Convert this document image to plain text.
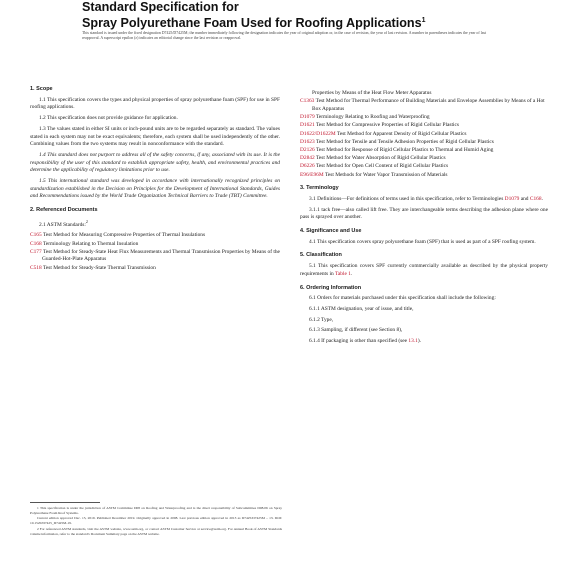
Standard Specification for
Spray Polyurethane Foam Used for Roofing Applications$^1$
This standard is issued under the fixed designation D7425/D7425M; the number immediately following the designation indicates the year of original adoption or, in the case of revision, the year of last revision. A number in parentheses indicates the year of last reapproval. A superscript epsilon (ε) indicates an editorial change since the last revision or reapproval.
1. Scope

1.1 This specification covers the types and physical properties of spray polyurethane foam (SPF) for use in SPF roofing applications.

1.2 This specification does not provide guidance for application.

1.3 The values stated in either SI units or inch-pound units are to be regarded separately as standard. The values stated in each system may not be exact equivalents; therefore, each system shall be used independently of the other. Combining values from the two systems may result in nonconformance with the standard.

1.4 This standard does not purport to address all of the safety concerns, if any, associated with its use. It is the responsibility of the user of this standard to establish appropriate safety, health, and environmental practices and determine the applicability of regulatory limitations prior to use.

1.5 This international standard was developed in accordance with internationally recognized principles on standardization established in the Decision on Principles for the Development of International Standards, Guides and Recommendations issued by the World Trade Organization Technical Barriers to Trade (TBT) Committee.

2. Referenced Documents

2.1 ASTM Standards:$^2$

C165 Test Method for Measuring Compressive Properties of Thermal Insulations
C168 Terminology Relating to Thermal Insulation
C177 Test Method for Steady-State Heat Flux Measurements and Thermal Transmission Properties by Means of the Guarded-Hot-Plate Apparatus
C518 Test Method for Steady-State Thermal Transmission

1 This specification is under the jurisdiction of ASTM Committee D08 on Roofing and Waterproofing and is the direct responsibility of Subcommittee D08.06 on Spray Polyurethane Foam Roof Systems.

Current edition approved Dec. 15, 2019. Published December 2019. Originally approved in 2008. Last previous edition approved in 2013 as D7425/D7425M – 13. DOI: 10.1520/D7425_D7425M-19.

2 For referenced ASTM standards, visit the ASTM website, www.astm.org, or contact ASTM Customer Service at service@astm.org. For Annual Book of ASTM Standards volume information, refer to the standard's Document Summary page on the ASTM website.

Properties by Means of the Heat Flow Meter Apparatus
C1363 Test Method for Thermal Performance of Building Materials and Envelope Assemblies by Means of a Hot Box Apparatus
D1079 Terminology Relating to Roofing and Waterproofing
D1621 Test Method for Compressive Properties of Rigid Cellular Plastics
D1622/D1622M Test Method for Apparent Density of Rigid Cellular Plastics
D1623 Test Method for Tensile and Tensile Adhesion Properties of Rigid Cellular Plastics
D2126 Test Method for Response of Rigid Cellular Plastics to Thermal and Humid Aging
D2842 Test Method for Water Absorption of Rigid Cellular Plastics
D6226 Test Method for Open Cell Content of Rigid Cellular Plastics
E96/E96M Test Methods for Water Vapor Transmission of Materials
3. Terminology

3.1 Definitions—For definitions of terms used in this specification, refer to Terminologies D1079 and C168.

3.1.1 tack free—also called lift free. They are interchangeable terms describing the adhesion plane where one pass is sprayed over another.

4. Significance and Use

4.1 This specification covers spray polyurethane foam (SPF) that is used as part of a SPF roofing system.

5. Classification

5.1 This specification covers SPF currently commercially available as described by the physical property requirements in Table 1.

6. Ordering Information

6.1 Orders for materials purchased under this specification shall include the following:

6.1.1 ASTM designation, year of issue, and title,

6.1.2 Type,

6.1.3 Sampling, if different (see Section 8),

6.1.4 If packaging is other than specified (see 13.1).
